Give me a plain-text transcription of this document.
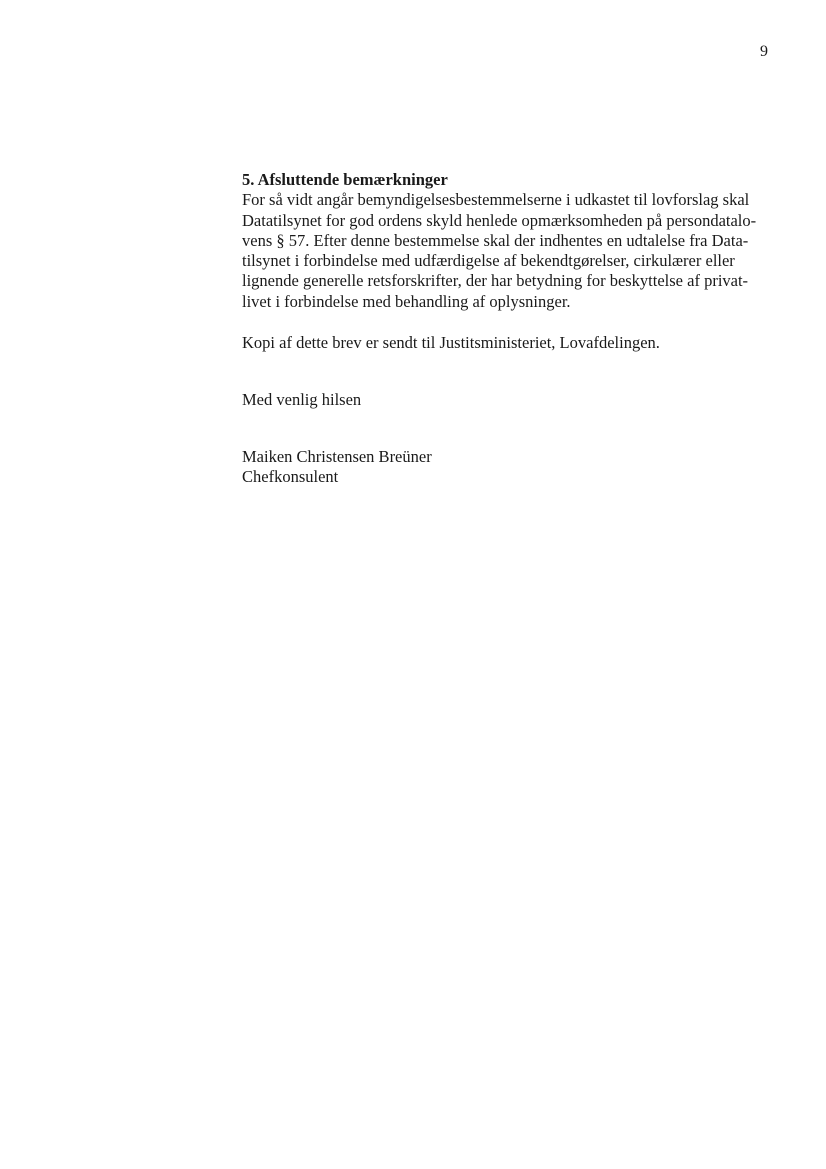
9
5. Afsluttende bemærkninger
For så vidt angår bemyndigelsesbestemmelserne i udkastet til lovforslag skal
Datatilsynet for god ordens skyld henlede opmærksomheden på persondatalo-
vens § 57. Efter denne bestemmelse skal der indhentes en udtalelse fra Data-
tilsynet i forbindelse med udfærdigelse af bekendtgørelser, cirkulærer eller
lignende generelle retsforskrifter, der har betydning for beskyttelse af privat-
livet i forbindelse med behandling af oplysninger.
Kopi af dette brev er sendt til Justitsministeriet, Lovafdelingen.
Med venlig hilsen
Maiken Christensen Breüner
Chefkonsulent
